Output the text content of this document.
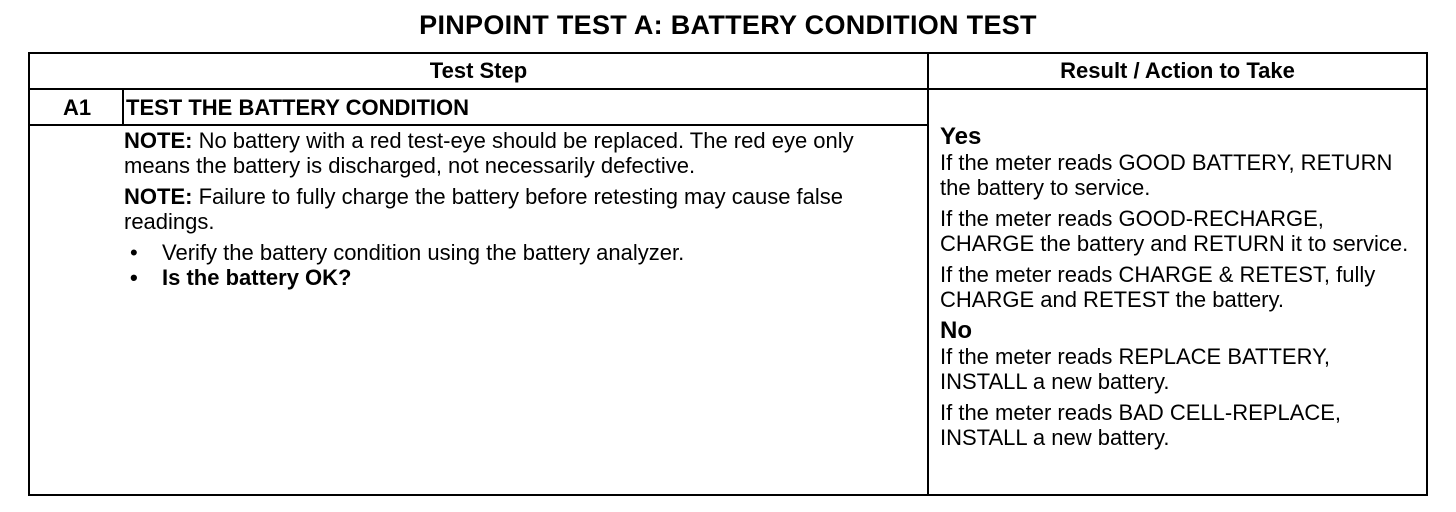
PINPOINT TEST A: BATTERY CONDITION TEST
Test Step	Result / Action to Take
A1	TEST THE BATTERY CONDITION

NOTE: No battery with a red test-eye should be replaced. The red eye only means the battery is discharged, not necessarily defective.

NOTE: Failure to fully charge the battery before retesting may cause false readings.

• Verify the battery condition using the battery analyzer.
• Is the battery OK?
Yes

If the meter reads GOOD BATTERY, RETURN the battery to service.

If the meter reads GOOD-RECHARGE, CHARGE the battery and RETURN it to service.

If the meter reads CHARGE & RETEST, fully CHARGE and RETEST the battery.

No

If the meter reads REPLACE BATTERY, INSTALL a new battery.

If the meter reads BAD CELL-REPLACE, INSTALL a new battery.
